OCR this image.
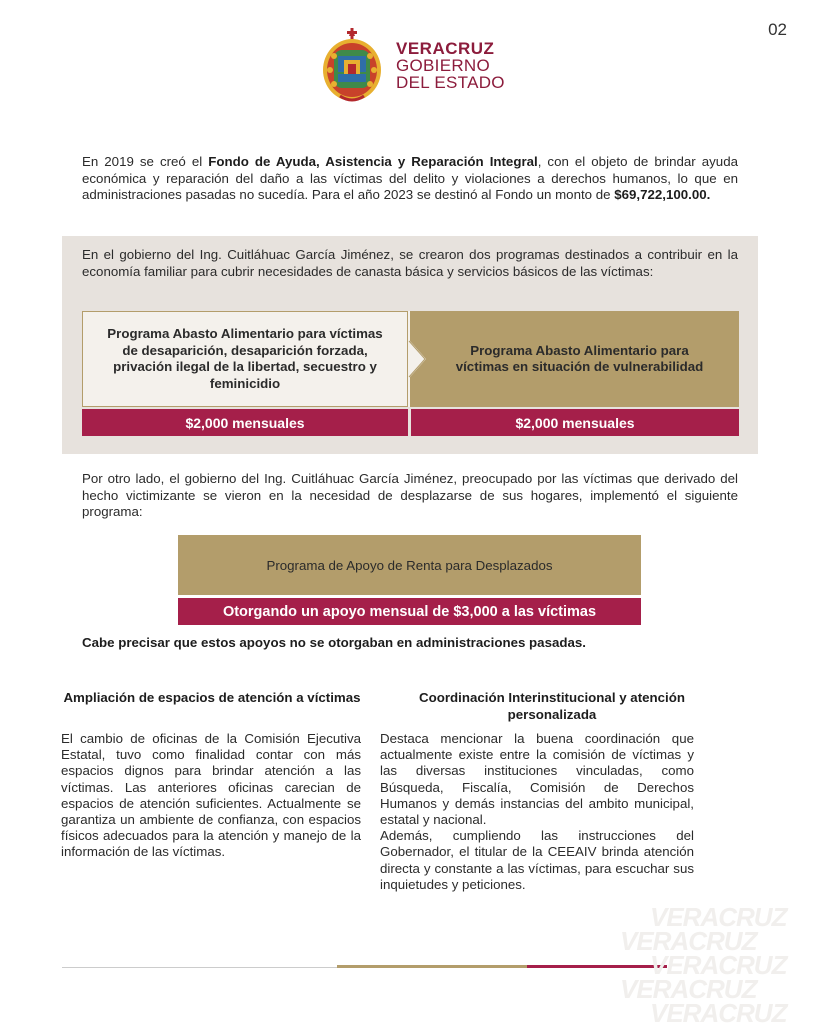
02
VERACRUZ
GOBIERNO
DEL ESTADO
En 2019 se creó el Fondo de Ayuda, Asistencia y Reparación Integral, con el objeto de brindar ayuda económica y reparación del daño a las víctimas del delito y violaciones a derechos humanos, lo que en administraciones pasadas no sucedía. Para el año 2023 se destinó al Fondo un monto de $69,722,100.00.
En el gobierno del Ing. Cuitláhuac García Jiménez, se crearon dos programas destinados a contribuir en la economía familiar para cubrir necesidades de canasta básica y servicios básicos de las víctimas:
Programa Abasto Alimentario para víctimas de desaparición, desaparición forzada, privación ilegal de la libertad, secuestro y feminicidio
Programa Abasto Alimentario para víctimas en situación de vulnerabilidad
$2,000 mensuales	$2,000 mensuales
Por otro lado, el gobierno del Ing. Cuitláhuac García Jiménez, preocupado por las víctimas que derivado del hecho victimizante se vieron en la necesidad de desplazarse de sus hogares, implementó el siguiente programa:
Programa de Apoyo de Renta para Desplazados
Otorgando un apoyo mensual de $3,000 a las víctimas
Cabe precisar que estos apoyos no se otorgaban en administraciones pasadas.
Ampliación de espacios de atención a víctimas
El cambio de oficinas de la Comisión Ejecutiva Estatal, tuvo como finalidad contar con más espacios dignos para brindar atención a las víctimas. Las anteriores oficinas carecian de espacios de atención suficientes. Actualmente se garantiza un ambiente de confianza, con espacios físicos adecuados para la atención y manejo de la información de las víctimas.
Coordinación Interinstitucional y atención personalizada
Destaca mencionar la buena coordinación que actualmente existe entre la comisión de víctimas y las diversas instituciones vinculadas, como Búsqueda, Fiscalía, Comisión de Derechos Humanos y demás instancias del ambito municipal, estatal y nacional.
Además, cumpliendo las instrucciones del Gobernador, el titular de la CEEAIV brinda atención directa y constante a las víctimas, para escuchar sus inquietudes y peticiones.
VERACRUZ
VERACRUZ
VERACRUZ
VERACRUZ
VERACRUZ
